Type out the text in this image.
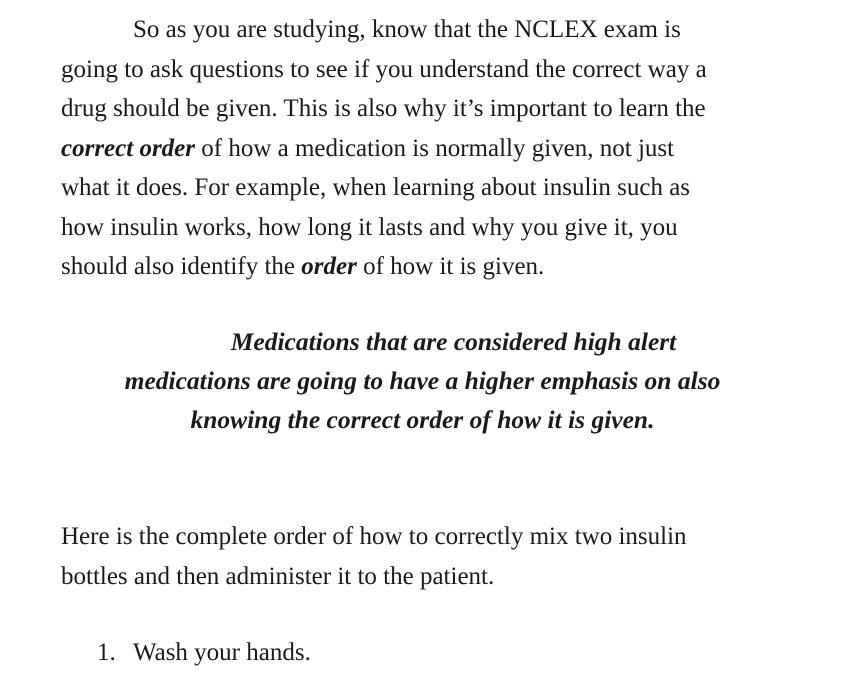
So as you are studying, know that the NCLEX exam is
going to ask questions to see if you understand the correct way a
drug should be given. This is also why it’s important to learn the
correct order of how a medication is normally given, not just
what it does. For example, when learning about insulin such as
how insulin works, how long it lasts and why you give it, you
should also identify the order of how it is given.

Medications that are considered high alert
medications are going to have a higher emphasis on also
knowing the correct order of how it is given.

Here is the complete order of how to correctly mix two insulin
bottles and then administer it to the patient.

1. Wash your hands.
